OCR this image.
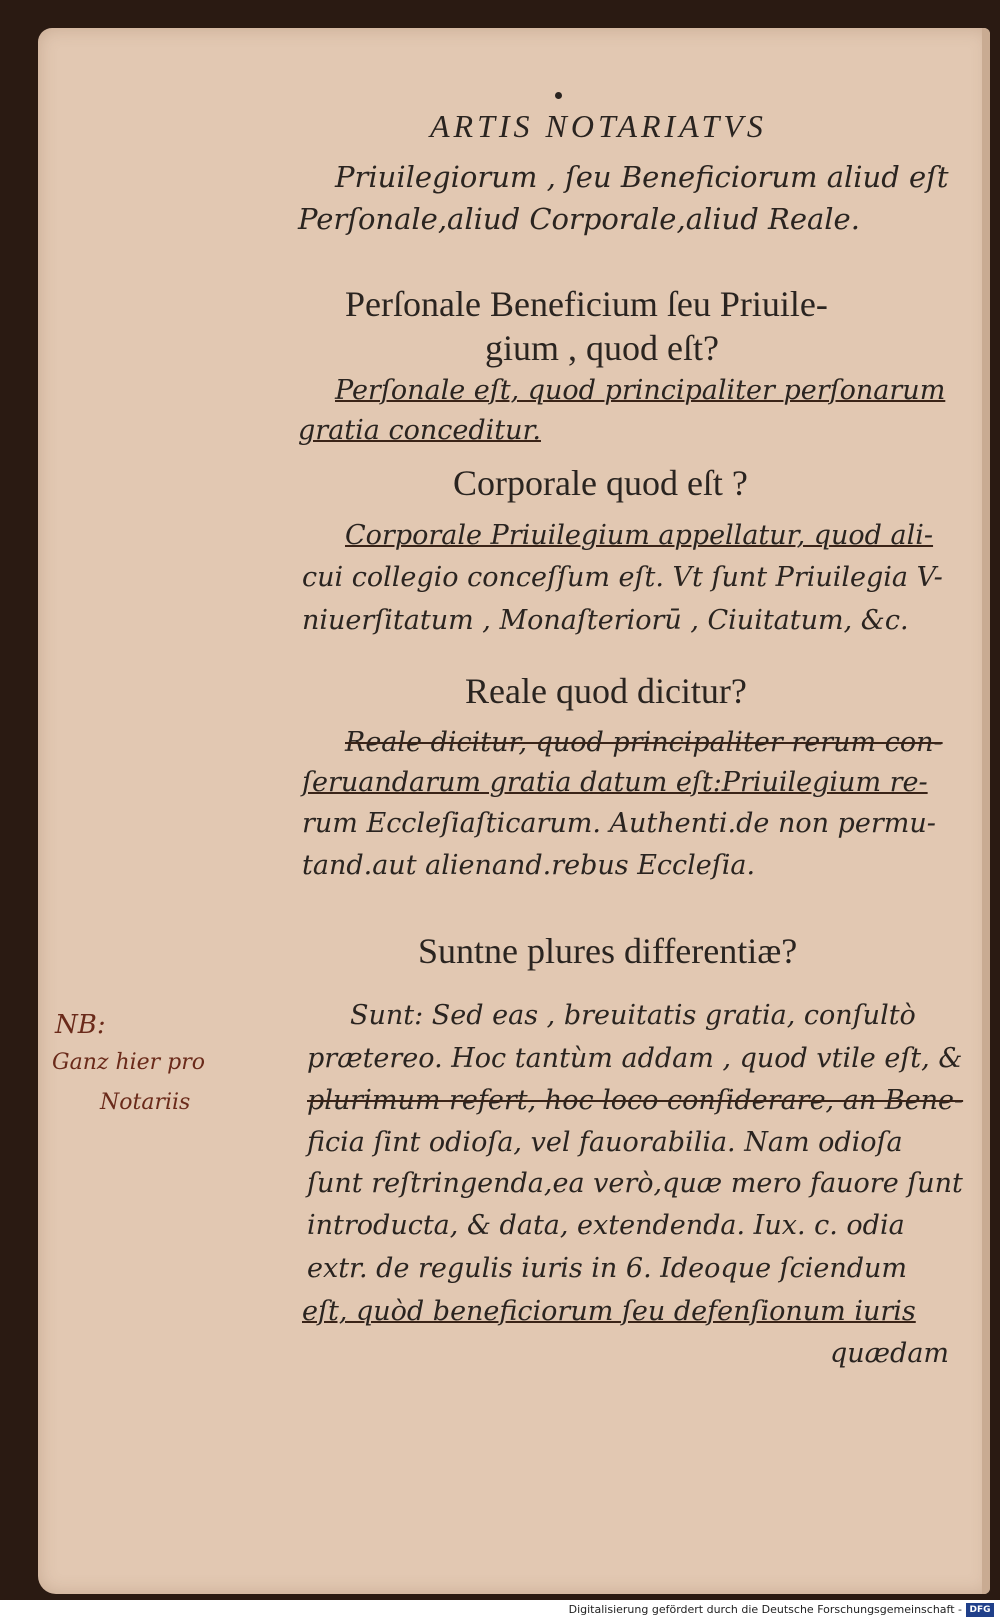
ARTIS NOTARIATVS
Priuilegiorum , ſeu Beneficiorum aliud eſt
Perſonale,aliud Corporale,aliud Reale.
Perſonale Beneficium ſeu Priuile-
gium , quod eſt?
Perſonale eſt, quod principaliter perſonarum
gratia conceditur.
Corporale quod eſt ?
Corporale Priuilegium appellatur, quod ali-
cui collegio conceſſum eſt. Vt ſunt Priuilegia V-
niuerſitatum , Monaſteriorū , Ciuitatum, &c.
Reale quod dicitur?
Reale dicitur, quod principaliter rerum con-
ſeruandarum gratia datum eſt:Priuilegium re-
rum Eccleſiaſticarum. Authenti.de non permu-
tand.aut alienand.rebus Eccleſia.
Suntne plures differentiæ?
Sunt: Sed eas , breuitatis gratia, conſultò
prætereo. Hoc tantùm addam , quod vtile eſt, &
plurimum refert, hoc loco conſiderare, an Bene-
ficia ſint odioſa, vel fauorabilia. Nam odioſa
ſunt reſtringenda,ea verò,quæ mero fauore ſunt
introducta, & data, extendenda. Iux. c. odia
extr. de regulis iuris in 6. Ideoque ſciendum
eſt, quòd beneficiorum ſeu defenſionum iuris
quædam
NB:
Ganz hier pro
Notariis
Digitalisierung gefördert durch die Deutsche Forschungsgemeinschaft - DFG
